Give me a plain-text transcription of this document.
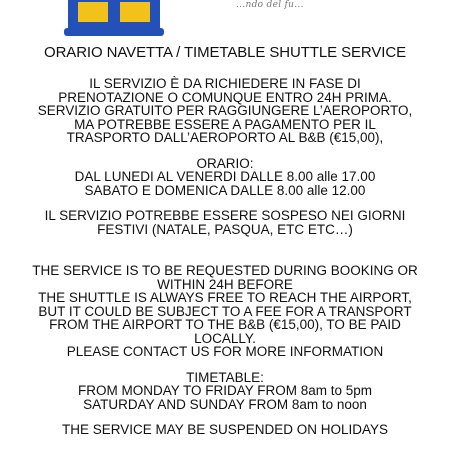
...ndo del fu...
ORARIO NAVETTA / TIMETABLE SHUTTLE SERVICE

IL SERVIZIO È DA RICHIEDERE IN FASE DI

PRENOTAZIONE O COMUNQUE ENTRO 24H PRIMA.

SERVIZIO GRATUITO PER RAGGIUNGERE L’AEROPORTO,

MA POTREBBE ESSERE A PAGAMENTO PER IL

TRASPORTO DALL’AEROPORTO AL B&B (€15,00),

ORARIO:

DAL LUNEDI AL VENERDI DALLE 8.00 alle 17.00

SABATO E DOMENICA DALLE 8.00 alle 12.00

IL SERVIZIO POTREBBE ESSERE SOSPESO NEI GIORNI

FESTIVI (NATALE, PASQUA, ETC ETC…)

THE SERVICE IS TO BE REQUESTED DURING BOOKING OR

WITHIN 24H BEFORE

THE SHUTTLE IS ALWAYS FREE TO REACH THE AIRPORT,

BUT IT COULD BE SUBJECT TO A FEE FOR A TRANSPORT

FROM THE AIRPORT TO THE B&B (€15,00), TO BE PAID

LOCALLY.

PLEASE CONTACT US FOR MORE INFORMATION

TIMETABLE:

FROM MONDAY TO FRIDAY FROM 8am to 5pm

SATURDAY AND SUNDAY FROM 8am to noon

THE SERVICE MAY BE SUSPENDED ON HOLIDAYS
